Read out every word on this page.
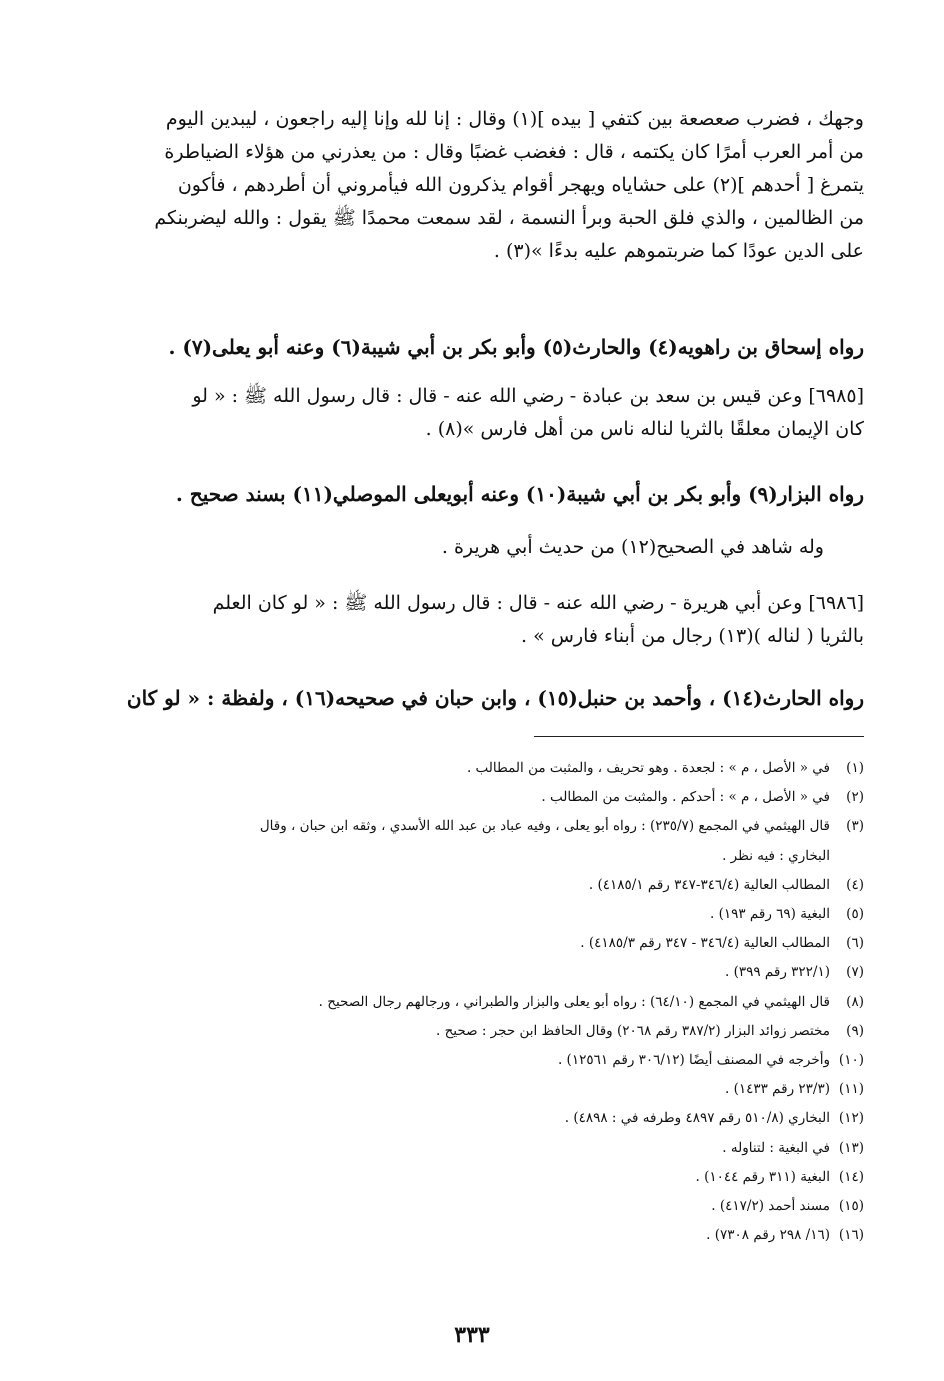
وجهك ، فضرب صعصعة بين كتفي [ بيده ](١) وقال : إنا لله وإنا إليه راجعون ، ليبدين اليوم
من أمر العرب أمرًا كان يكتمه ، قال : فغضب غضبًا وقال : من يعذرني من هؤلاء الضياطرة
يتمرغ [ أحدهم ](٢) على حشاياه ويهجر أقوام يذكرون الله فيأمروني أن أطردهم ، فأكون
من الظالمين ، والذي فلق الحبة وبرأ النسمة ، لقد سمعت محمدًا ﷺ يقول : والله ليضربنكم
على الدين عودًا كما ضربتموهم عليه بدءًا »(٣) .
رواه إسحاق بن راهويه(٤) والحارث(٥) وأبو بكر بن أبي شيبة(٦) وعنه أبو يعلى(٧) .
[٦٩٨٥] وعن قيس بن سعد بن عبادة - رضي الله عنه - قال : قال رسول الله ﷺ : « لو
كان الإيمان معلقًا بالثريا لناله ناس من أهل فارس »(٨) .
رواه البزار(٩) وأبو بكر بن أبي شيبة(١٠) وعنه أبويعلى الموصلي(١١) بسند صحيح .
وله شاهد في الصحيح(١٢) من حديث أبي هريرة .
[٦٩٨٦] وعن أبي هريرة - رضي الله عنه - قال : قال رسول الله ﷺ : « لو كان العلم
بالثريا ( لناله )(١٣) رجال من أبناء فارس » .
رواه الحارث(١٤) ، وأحمد بن حنبل(١٥) ، وابن حبان في صحيحه(١٦) ، ولفظة : « لو كان
(١)
في « الأصل ، م » : لجعدة . وهو تحريف ، والمثبت من المطالب .
(٢)
في « الأصل ، م » : أحدكم . والمثبت من المطالب .
(٣)
قال الهيثمي في المجمع (٢٣٥/٧) : رواه أبو يعلى ، وفيه عباد بن عبد الله الأسدي ، وثقه ابن حبان ، وقال
البخاري : فيه نظر .
(٤)
المطالب العالية (٣٤٦/٤-٣٤٧ رقم ٤١٨٥/١) .
(٥)
البغية (٦٩ رقم ١٩٣) .
(٦)
المطالب العالية (٣٤٦/٤ - ٣٤٧ رقم ٤١٨٥/٣) .
(٧)
(٣٢٢/١ رقم ٣٩٩) .
(٨)
قال الهيثمي في المجمع (٦٤/١٠) : رواه أبو يعلى والبزار والطبراني ، ورجالهم رجال الصحيح .
(٩)
مختصر زوائد البزار (٣٨٧/٢ رقم ٢٠٦٨) وقال الحافظ ابن حجر : صحيح .
(١٠)
وأخرجه في المصنف أيضًا (٣٠٦/١٢ رقم ١٢٥٦١) .
(١١)
(٢٣/٣ رقم ١٤٣٣) .
(١٢)
البخاري (٥١٠/٨ رقم ٤٨٩٧ وطرفه في : ٤٨٩٨) .
(١٣)
في البغية : لتناوله .
(١٤)
البغية (٣١١ رقم ١٠٤٤) .
(١٥)
مسند أحمد (٤١٧/٢) .
(١٦)
(١٦/ ٢٩٨ رقم ٧٣٠٨) .
٣٣٣
